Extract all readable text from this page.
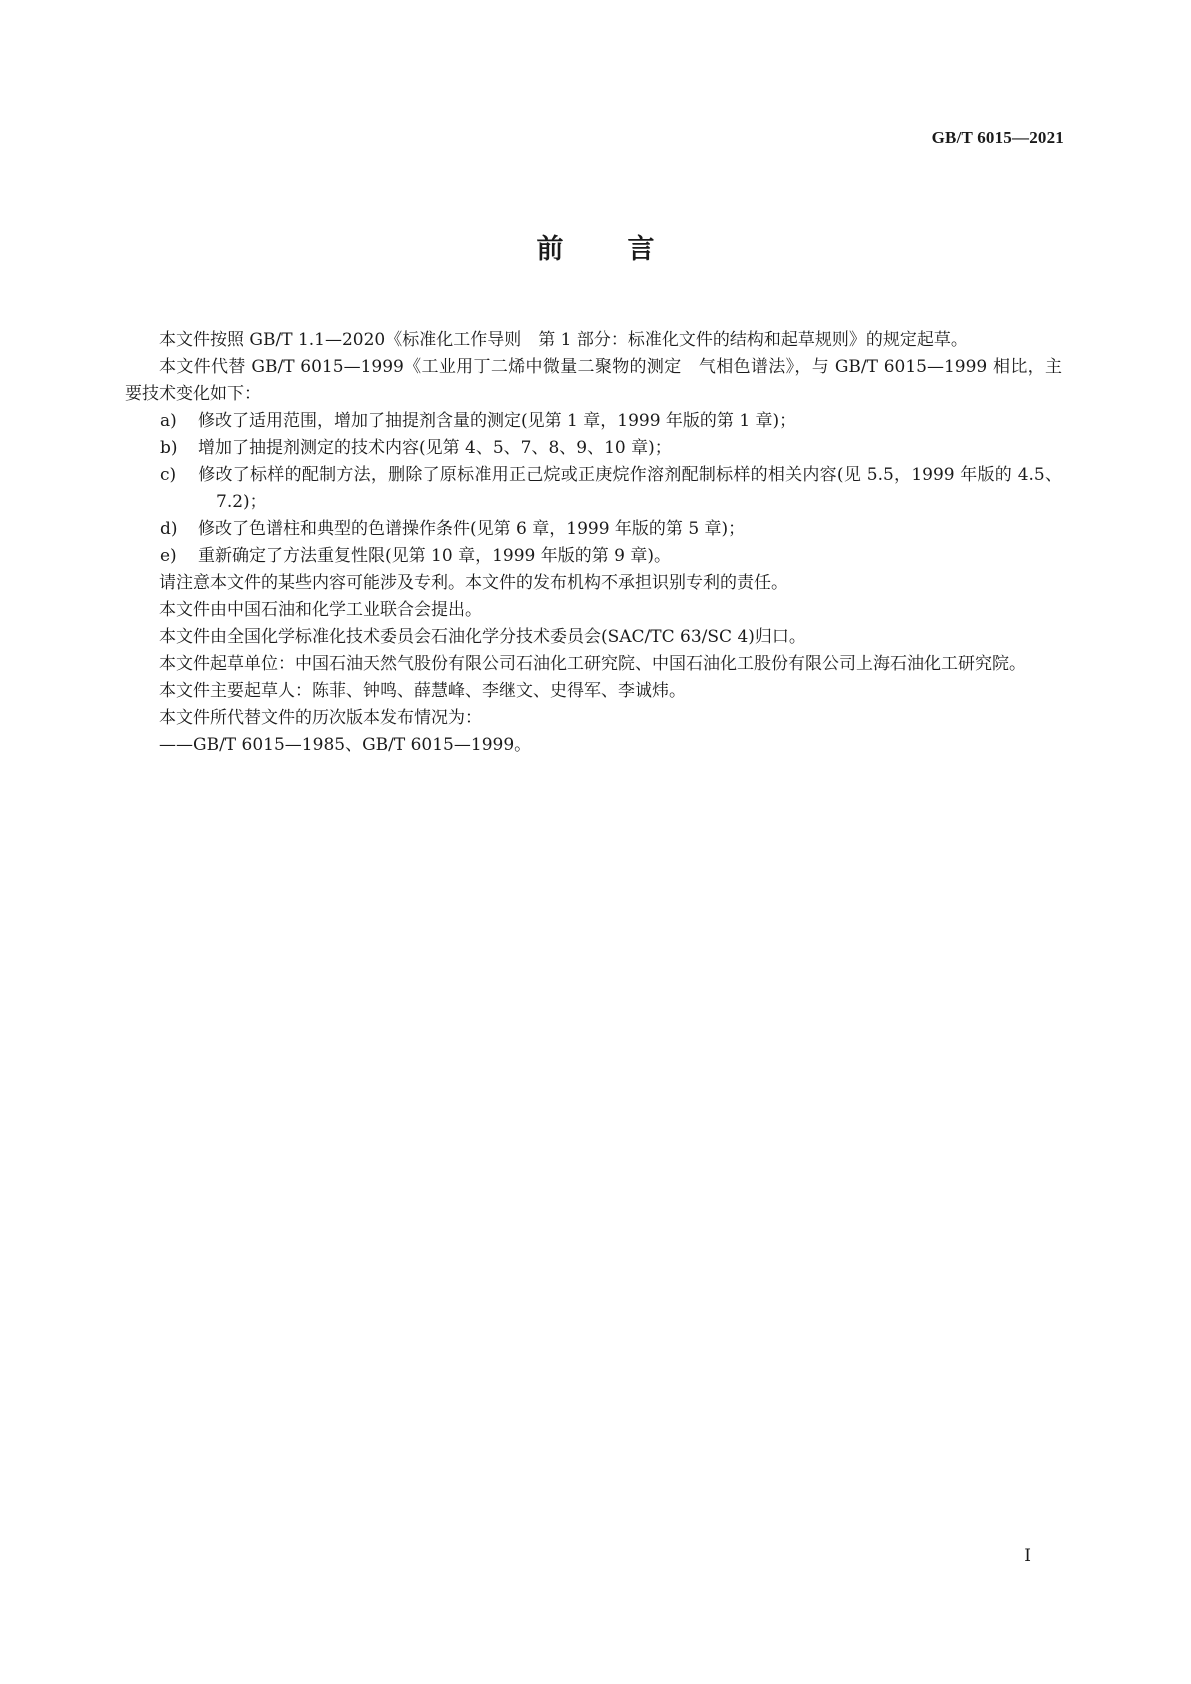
GB/T 6015—2021
前 言

本文件按照 GB/T 1.1—2020《标准化工作导则　第 1 部分：标准化文件的结构和起草规则》的规定起草。

本文件代替 GB/T 6015—1999《工业用丁二烯中微量二聚物的测定　气相色谱法》，与 GB/T 6015—1999 相比，主要技术变化如下：

a) 修改了适用范围，增加了抽提剂含量的测定(见第 1 章，1999 年版的第 1 章)；

b) 增加了抽提剂测定的技术内容(见第 4、5、7、8、9、10 章)；

c) 修改了标样的配制方法，删除了原标准用正己烷或正庚烷作溶剂配制标样的相关内容(见 5.5，1999 年版的 4.5、7.2)；

d) 修改了色谱柱和典型的色谱操作条件(见第 6 章，1999 年版的第 5 章)；

e) 重新确定了方法重复性限(见第 10 章，1999 年版的第 9 章)。

请注意本文件的某些内容可能涉及专利。本文件的发布机构不承担识别专利的责任。

本文件由中国石油和化学工业联合会提出。

本文件由全国化学标准化技术委员会石油化学分技术委员会(SAC/TC 63/SC 4)归口。

本文件起草单位：中国石油天然气股份有限公司石油化工研究院、中国石油化工股份有限公司上海石油化工研究院。

本文件主要起草人：陈菲、钟鸣、薛慧峰、李继文、史得军、李诚炜。

本文件所代替文件的历次版本发布情况为：

——GB/T 6015—1985、GB/T 6015—1999。

I
